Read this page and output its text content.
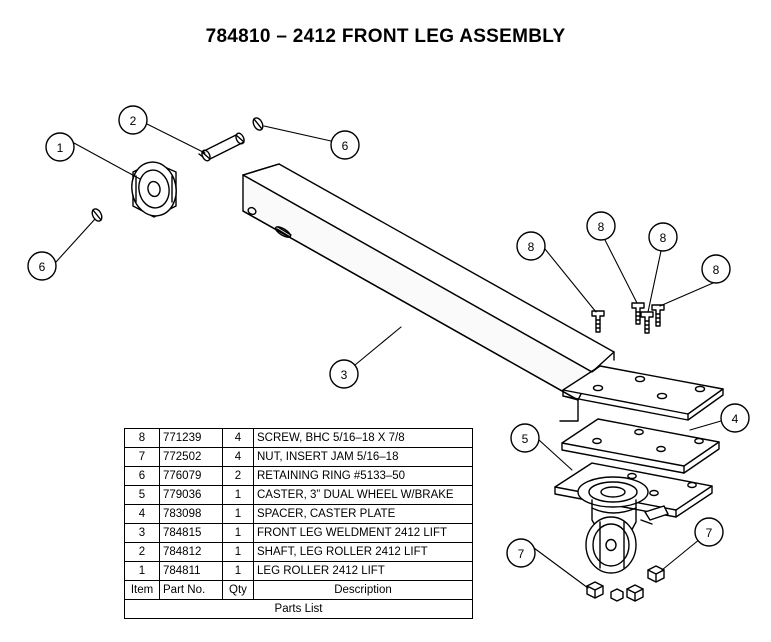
784810 – 2412 FRONT LEG ASSEMBLY
1
2
6
6
3
8
8
8
8
4
5
7
7
8	771239	4	SCREW, BHC 5/16–18 X 7/8
7	772502	4	NUT, INSERT JAM 5/16–18
6	776079	2	RETAINING RING #5133–50
5	779036	1	CASTER, 3” DUAL WHEEL W/BRAKE
4	783098	1	SPACER, CASTER PLATE
3	784815	1	FRONT LEG WELDMENT 2412 LIFT
2	784812	1	SHAFT, LEG ROLLER 2412 LIFT
1	784811	1	LEG ROLLER 2412 LIFT
Item	Part No.	Qty	Description
Parts List			
